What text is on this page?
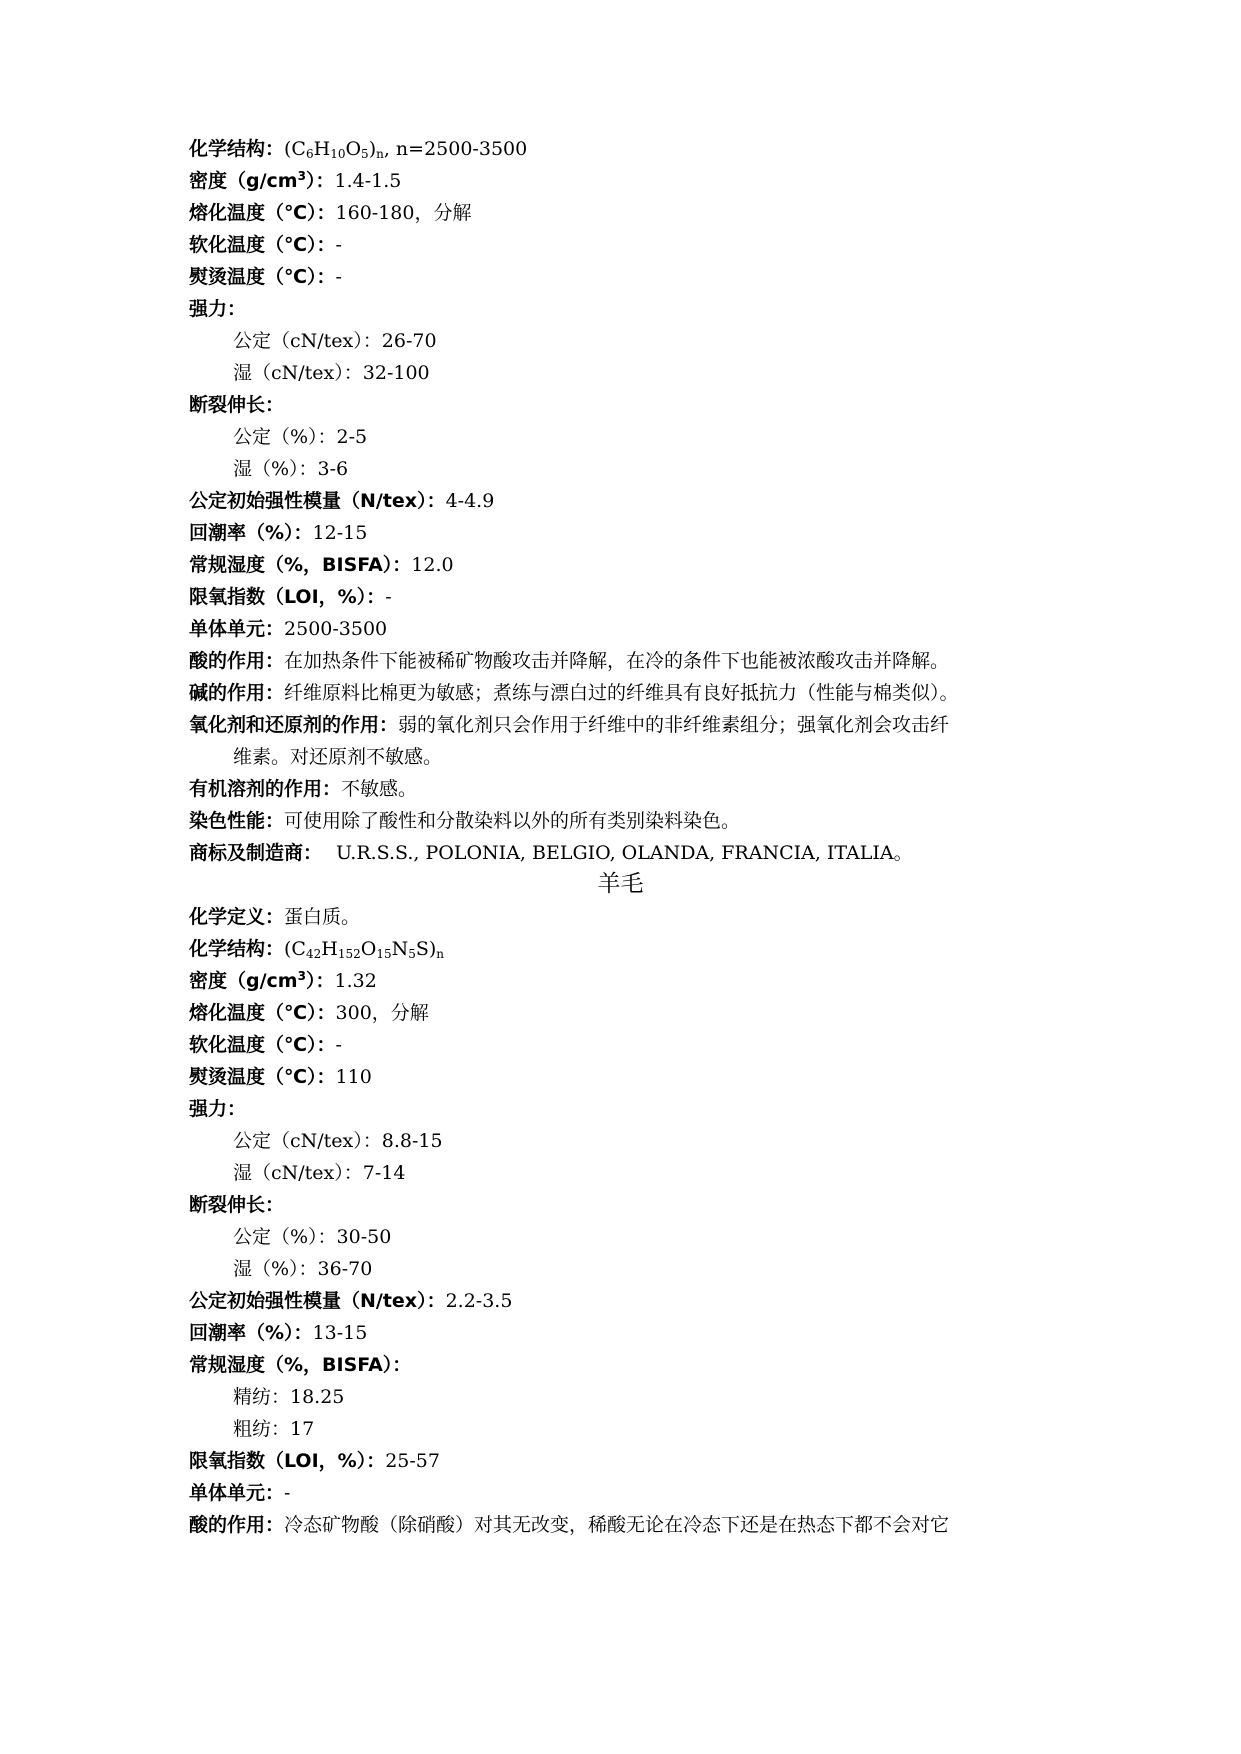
化学结构：$(C_6H_{10}O_5)_n$, n=2500-3500
密度$(g/cm^3)$：1.4-1.5
熔化温度（℃）：160-180，分解
软化温度（℃）：-
熨烫温度（℃）：-
强力：
公定（cN/tex）：26-70
湿（cN/tex）：32-100
断裂伸长：
公定（%）：2-5
湿（%）：3-6
公定初始强性模量（N/tex）：4-4.9
回潮率（%）：12-15
常规湿度（%，BISFA）：12.0
限氧指数（LOI，%）：-
单体单元：2500-3500
酸的作用：在加热条件下能被稀矿物酸攻击并降解，在冷的条件下也能被浓酸攻击并降解。
碱的作用：纤维原料比棉更为敏感；煮练与漂白过的纤维具有良好抵抗力（性能与棉类似）。
氧化剂和还原剂的作用：弱的氧化剂只会作用于纤维中的非纤维素组分；强氧化剂会攻击纤
维素。对还原剂不敏感。
有机溶剂的作用：不敏感。
染色性能：可使用除了酸性和分散染料以外的所有类别染料染色。
商标及制造商： U.R.S.S., POLONIA, BELGIO, OLANDA, FRANCIA, ITALIA。
羊毛
化学定义：蛋白质。
化学结构：$(C_{42}H_{152}O_{15}N_5S)_n$
密度$(g/cm^3)$：1.32
熔化温度（℃）：300，分解
软化温度（℃）：-
熨烫温度（℃）：110
强力：
公定（cN/tex）：8.8-15
湿（cN/tex）：7-14
断裂伸长：
公定（%）：30-50
湿（%）：36-70
公定初始强性模量（N/tex）：2.2-3.5
回潮率（%）：13-15
常规湿度（%，BISFA）：
精纺：18.25
粗纺：17
限氧指数（LOI，%）：25-57
单体单元：-
酸的作用：冷态矿物酸（除硝酸）对其无改变，稀酸无论在冷态下还是在热态下都不会对它
